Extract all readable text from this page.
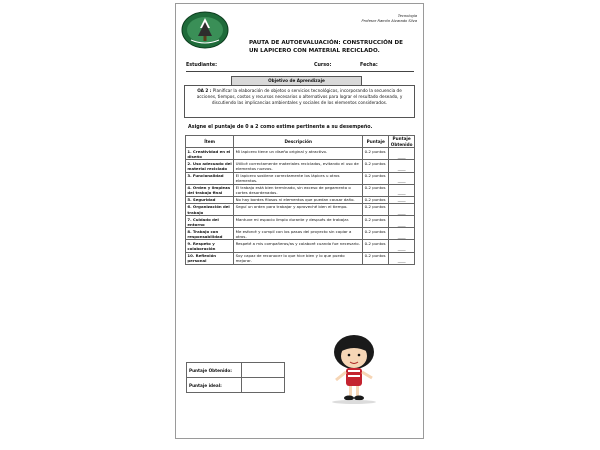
Tecnología
Profesor Ramón Alvarado Silva
PAUTA DE AUTOEVALUACIÓN: CONSTRUCCIÓN DE UN LAPICERO CON MATERIAL RECICLADO.
Estudiante:	Curso:	Fecha:
Objetivo de Aprendizaje
OA 2 : Planificar la elaboración de objetos o servicios tecnológicos, incorporando la secuencia de acciones, tiempos, costos y recursos necesarios o alternativos para lograr el resultado deseado, y discutiendo las implicancias ambientales y sociales de los elementos considerados.
Asigne el puntaje de 0 a 2 como estime pertinente a su desempeño.
Ítem	Descripción	Puntaje	Puntaje Obtenido
1. Creatividad en el diseño	Mi lapicero tiene un diseño original y atractivo.	0-2 puntos	____
2. Uso adecuado del material reciclado	Utilicé correctamente materiales reciclados, evitando el uso de elementos nuevos.	0-2 puntos	____
3. Funcionalidad	El lapicero sostiene correctamente los lápices u otros elementos.	0-2 puntos	____
4. Orden y limpieza del trabajo final	El trabajo está bien terminado, sin exceso de pegamento o cortes desordenados.	0-2 puntos	____
5. Seguridad	No hay bordes filosos ni elementos que puedan causar daño.	0-2 puntos	____
6. Organización del trabajo	Seguí un orden para trabajar y aproveché bien el tiempo.	0-2 puntos	____
7. Cuidado del entorno	Mantuve mi espacio limpio durante y después de trabajar.	0-2 puntos	____
8. Trabajo con responsabilidad	Me esforcé y cumplí con los pasos del proyecto sin copiar a otros.	0-2 puntos	____
9. Respeto y colaboración	Respeté a mis compañeros/as y colaboré cuando fue necesario.	0-2 puntos	____
10. Reflexión personal	Soy capaz de reconocer lo que hice bien y lo que puedo mejorar.	0-2 puntos	____
Puntaje Obtenido:	
Puntaje ideal:	
